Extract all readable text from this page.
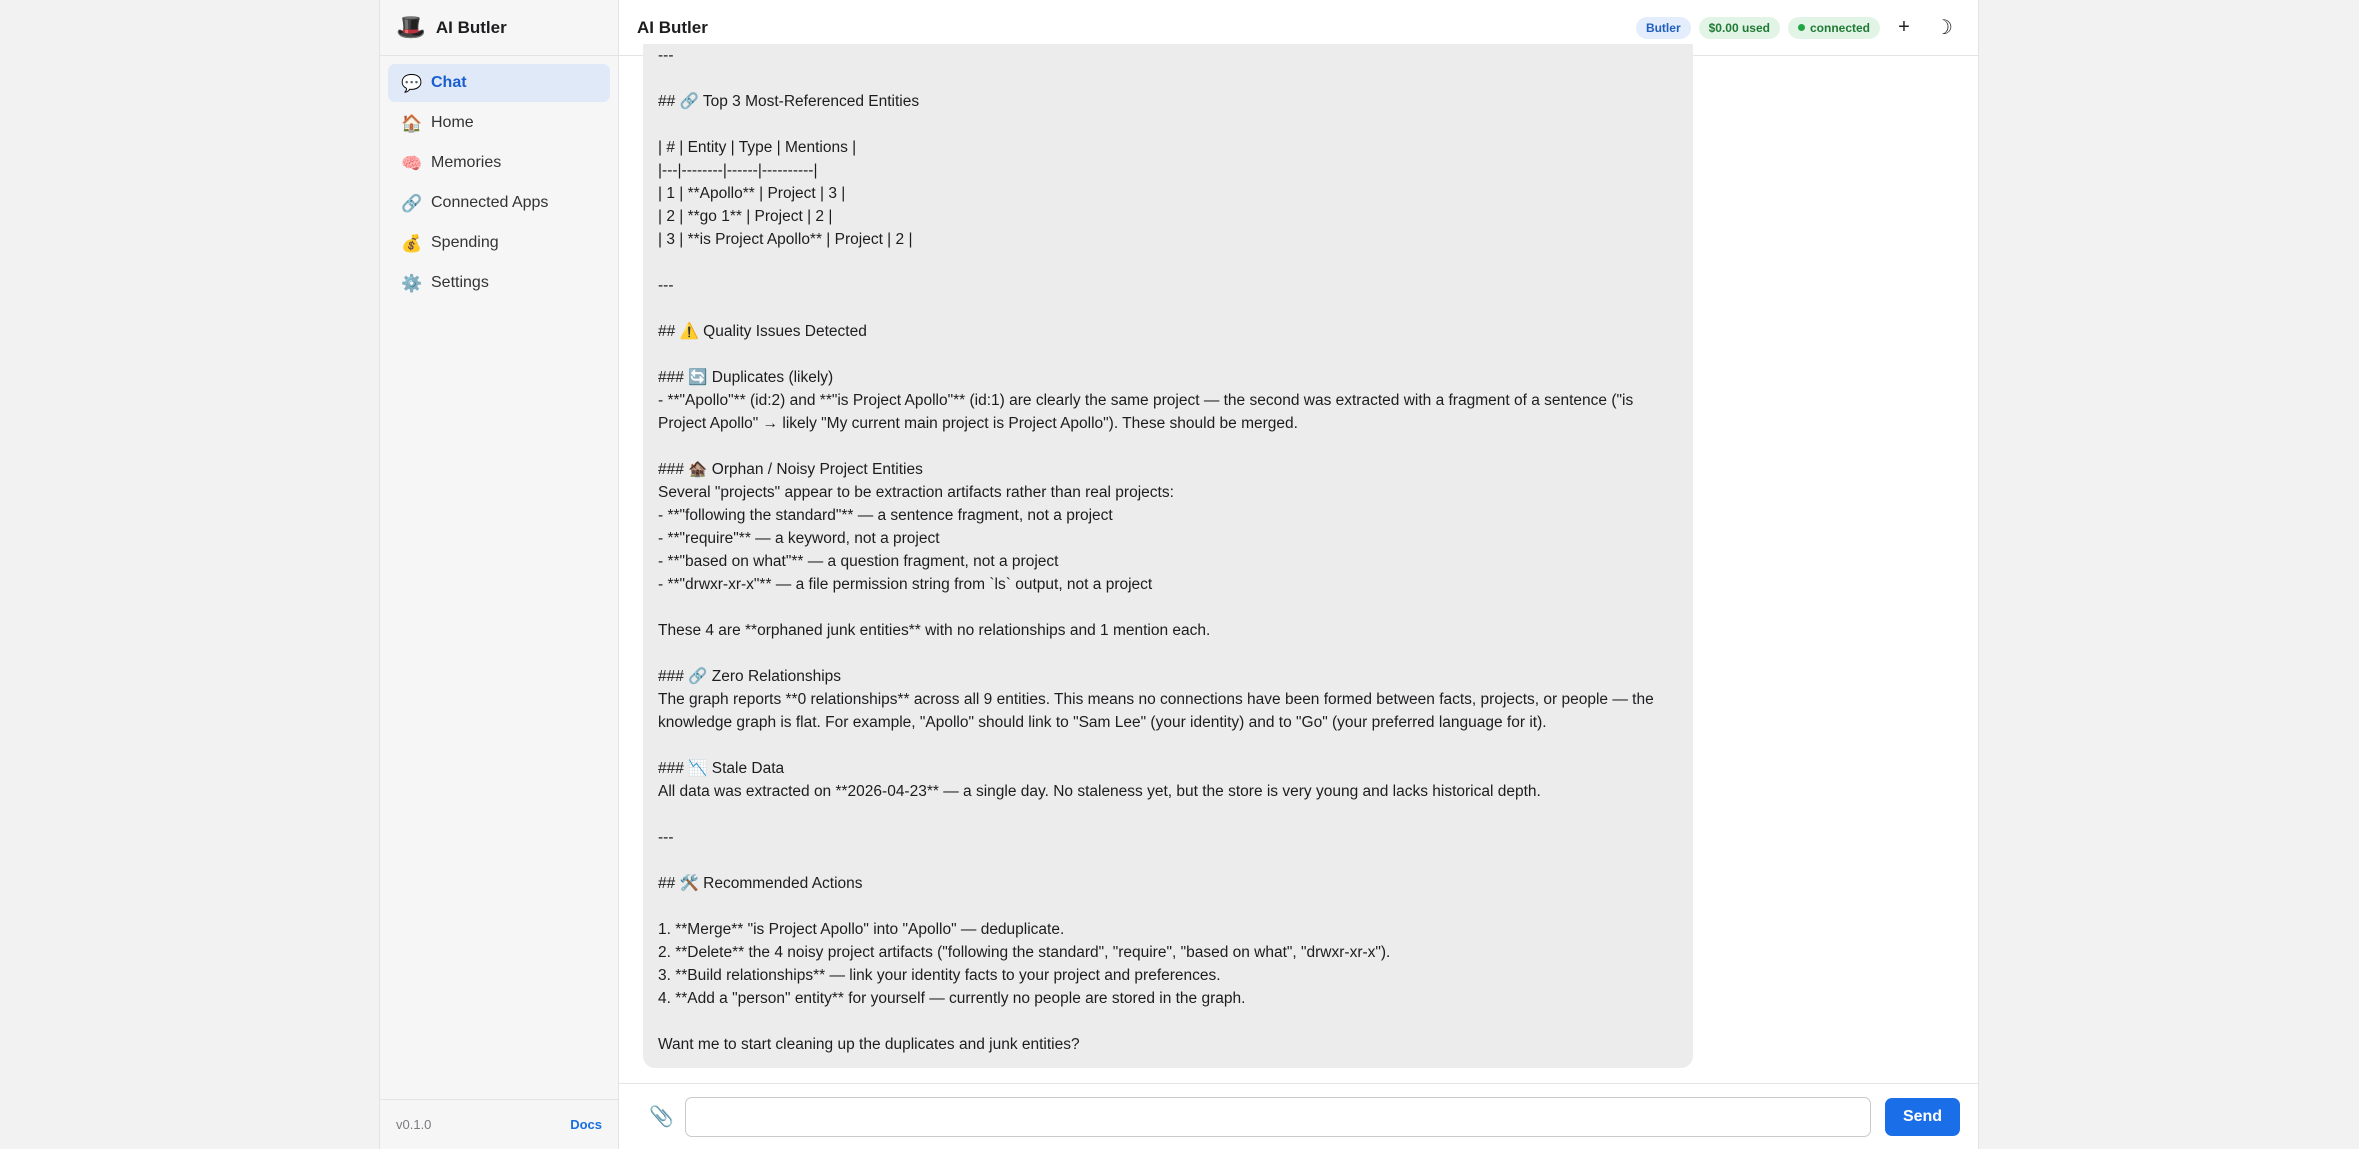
🎩 AI Butler
💬 Chat
🏠 Home
🧠 Memories
🔗 Connected Apps
💰 Spending
⚙️ Settings
v0.1.0	Docs
AI Butler	Butler	$0.00 used	connected	+	☽
---
## 🔗 Top 3 Most-Referenced Entities
| # | Entity | Type | Mentions |
|---|--------|------|----------|
| 1 | **Apollo** | Project | 3 |
| 2 | **go 1** | Project | 2 |
| 3 | **is Project Apollo** | Project | 2 |
---
## ⚠️ Quality Issues Detected
### 🔄 Duplicates (likely)
- **"Apollo"** (id:2) and **"is Project Apollo"** (id:1) are clearly the same project — the second was extracted with a fragment of a sentence ("is Project Apollo" → likely "My current main project is Project Apollo"). These should be merged.
### 🏚️ Orphan / Noisy Project Entities
Several "projects" appear to be extraction artifacts rather than real projects:
- **"following the standard"** — a sentence fragment, not a project
- **"require"** — a keyword, not a project
- **"based on what"** — a question fragment, not a project
- **"drwxr-xr-x"** — a file permission string from `ls` output, not a project
These 4 are **orphaned junk entities** with no relationships and 1 mention each.
### 🔗 Zero Relationships
The graph reports **0 relationships** across all 9 entities. This means no connections have been formed between facts, projects, or people — the knowledge graph is flat. For example, "Apollo" should link to "Sam Lee" (your identity) and to "Go" (your preferred language for it).
### 📉 Stale Data
All data was extracted on **2026-04-23** — a single day. No staleness yet, but the store is very young and lacks historical depth.
---
## 🛠️ Recommended Actions
1. **Merge** "is Project Apollo" into "Apollo" — deduplicate.
2. **Delete** the 4 noisy project artifacts ("following the standard", "require", "based on what", "drwxr-xr-x").
3. **Build relationships** — link your identity facts to your project and preferences.
4. **Add a "person" entity** for yourself — currently no people are stored in the graph.
Want me to start cleaning up the duplicates and junk entities?
📎	Send
